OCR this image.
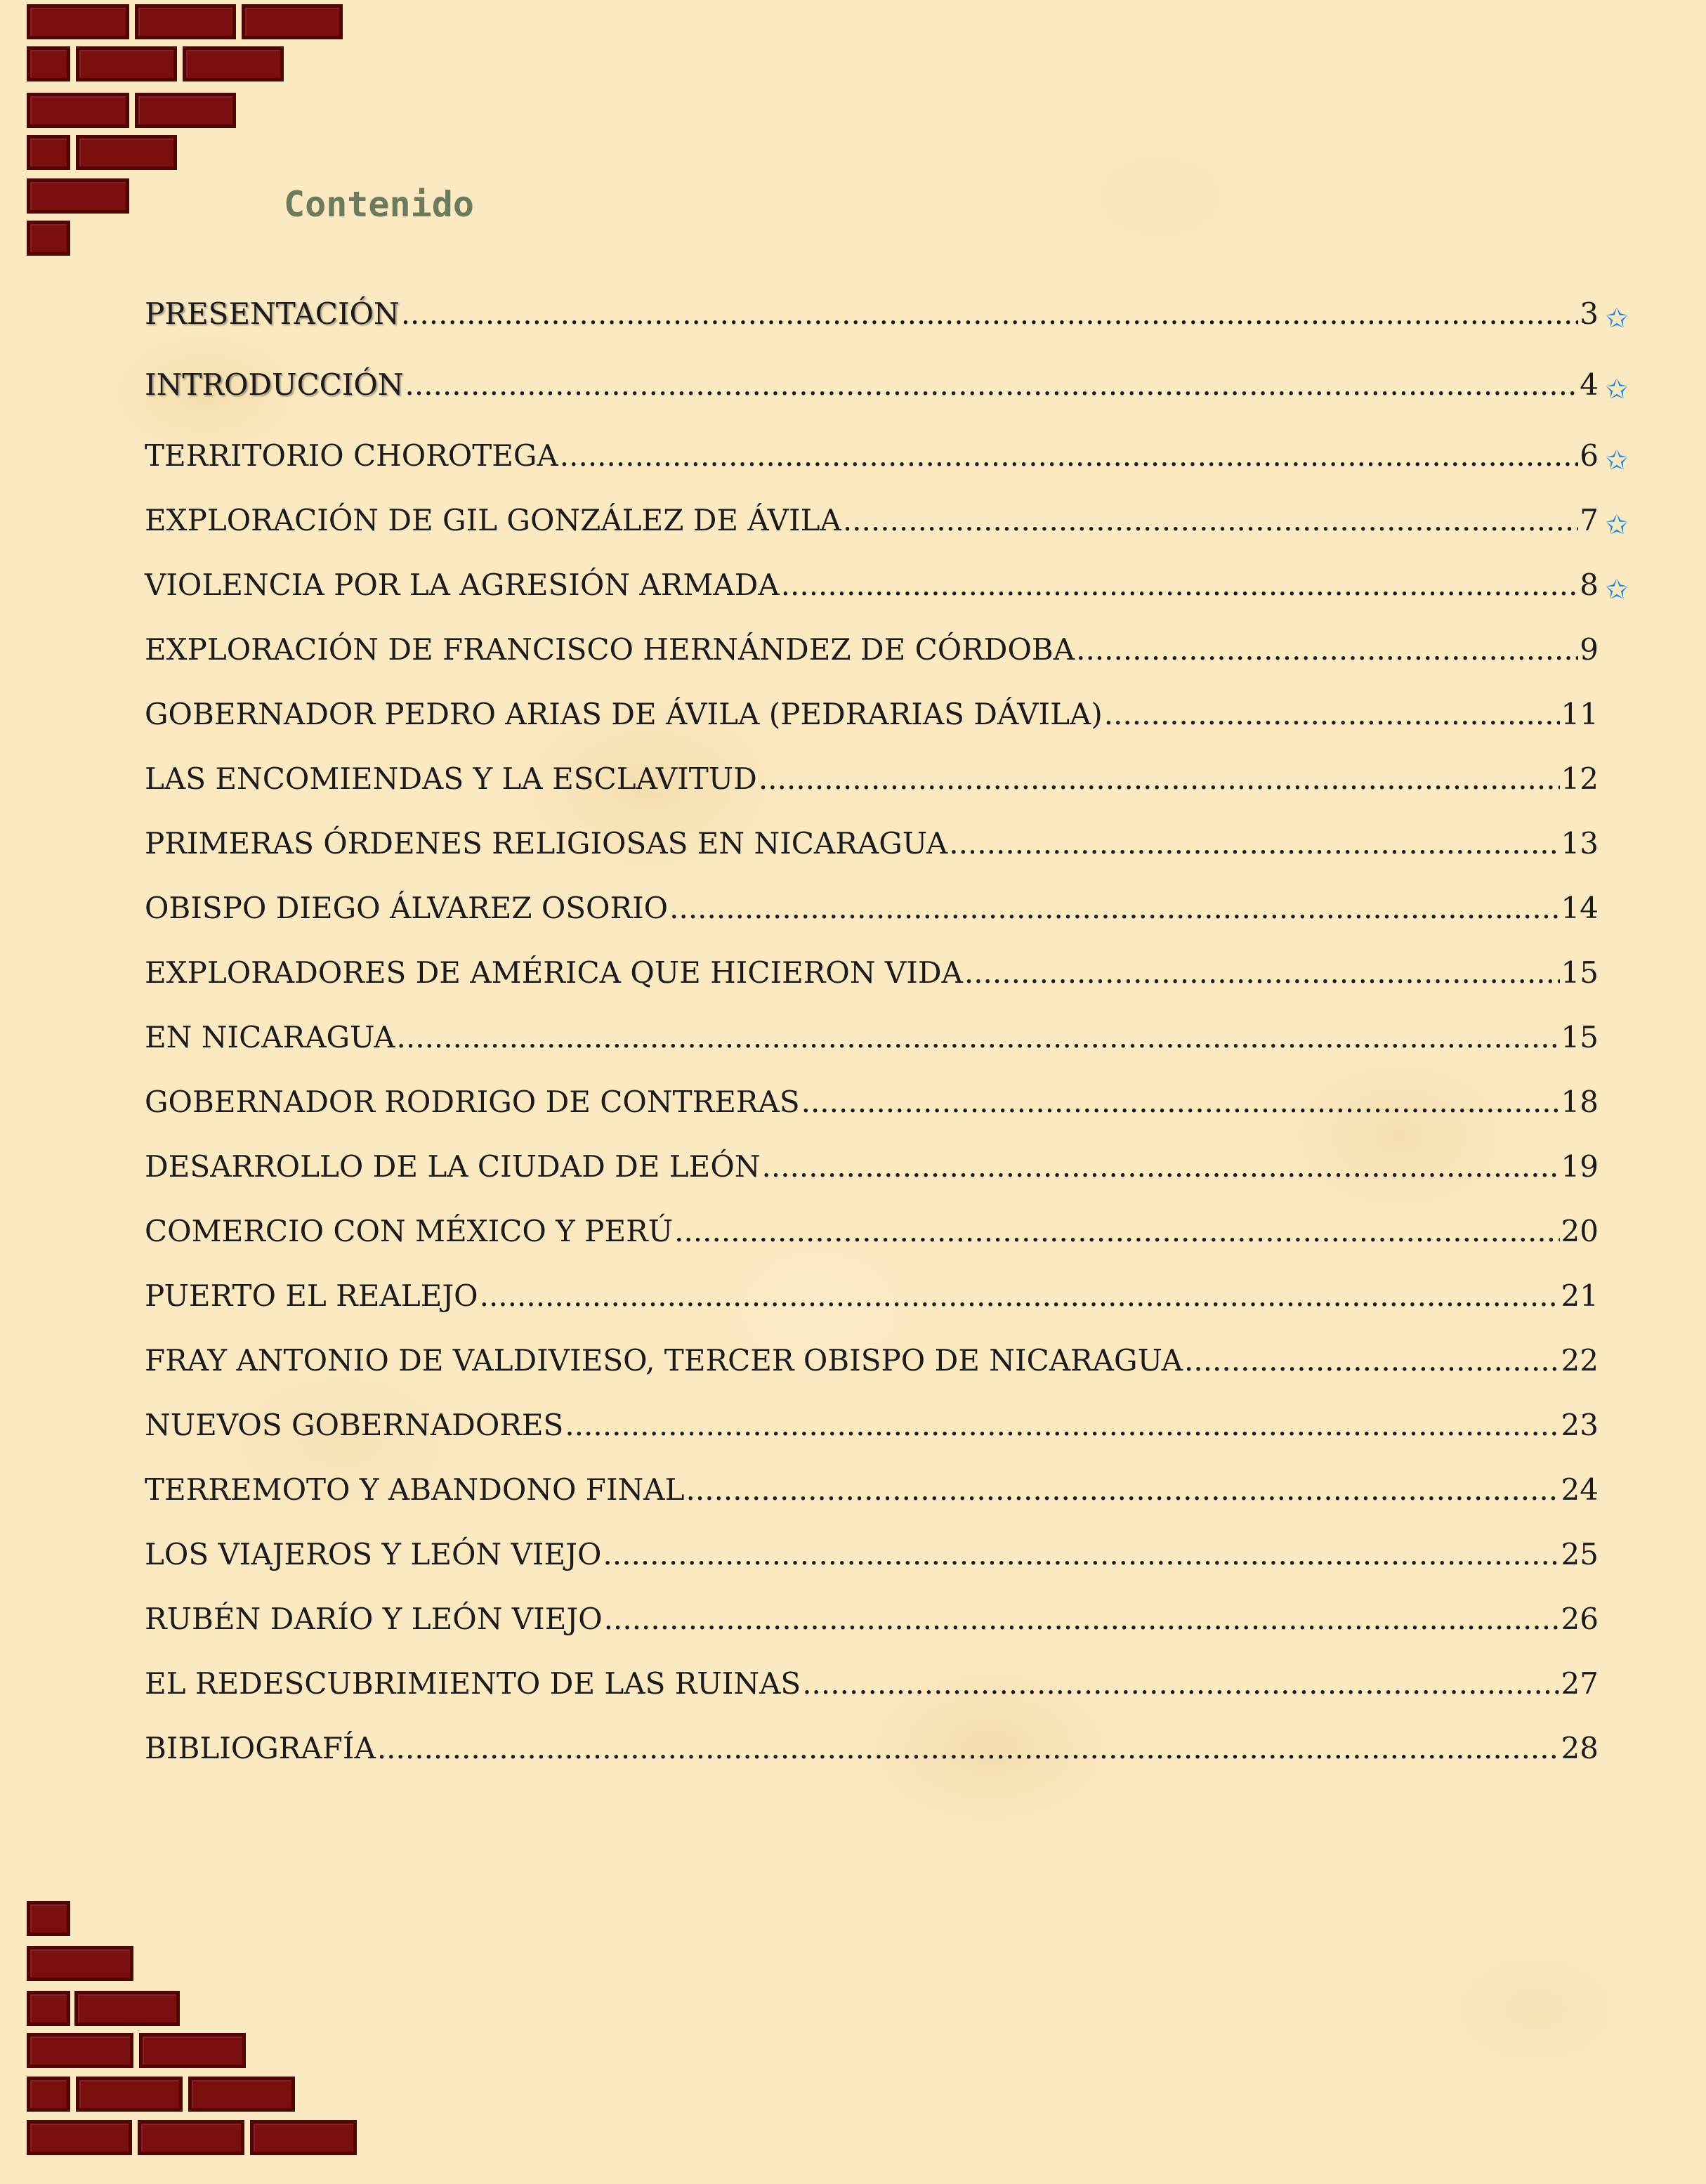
Contenido
PRESENTACIÓN .....	3 ✩
INTRODUCCIÓN .....	4 ✩
TERRITORIO CHOROTEGA .....	6 ✩
EXPLORACIÓN DE GIL GONZÁLEZ DE ÁVILA .....	7 ✩
VIOLENCIA POR LA AGRESIÓN ARMADA .....	8 ✩
EXPLORACIÓN DE FRANCISCO HERNÁNDEZ DE CÓRDOBA .....	9
GOBERNADOR PEDRO ARIAS DE ÁVILA (PEDRARIAS DÁVILA) .....	11
LAS ENCOMIENDAS Y LA ESCLAVITUD .....	12
PRIMERAS ÓRDENES RELIGIOSAS EN NICARAGUA .....	13
OBISPO DIEGO ÁLVAREZ OSORIO .....	14
EXPLORADORES DE AMÉRICA QUE HICIERON VIDA .....	15
EN NICARAGUA .....	15
GOBERNADOR RODRIGO DE CONTRERAS .....	18
DESARROLLO DE LA CIUDAD DE LEÓN .....	19
COMERCIO CON MÉXICO Y PERÚ .....	20
PUERTO EL REALEJO .....	21
FRAY ANTONIO DE VALDIVIESO, TERCER OBISPO DE NICARAGUA .....	22
NUEVOS GOBERNADORES .....	23
TERREMOTO Y ABANDONO FINAL .....	24
LOS VIAJEROS Y LEÓN VIEJO .....	25
RUBÉN DARÍO Y LEÓN VIEJO .....	26
EL REDESCUBRIMIENTO DE LAS RUINAS .....	27
BIBLIOGRAFÍA .....	28
